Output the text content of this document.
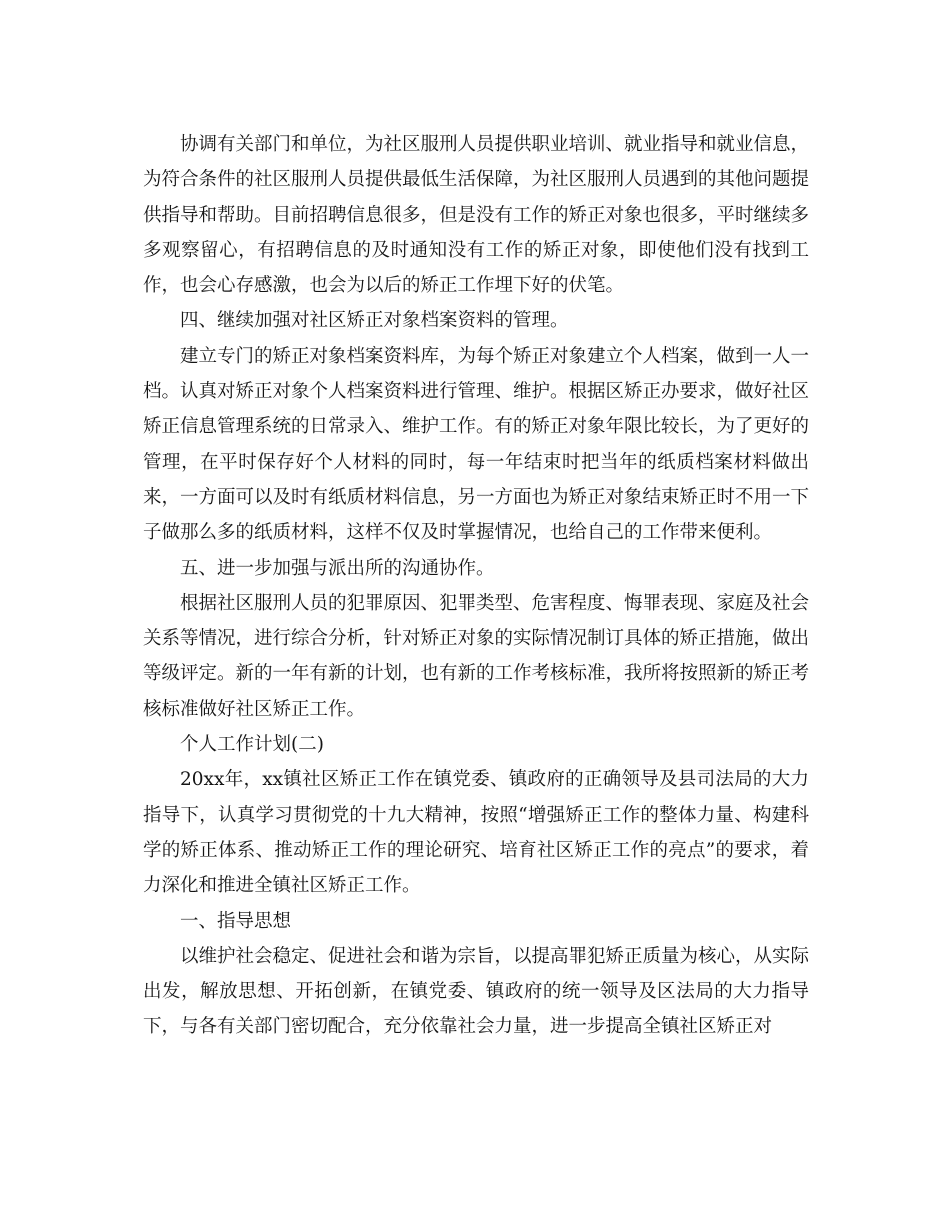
协调有关部门和单位，为社区服刑人员提供职业培训、就业指导和就业信息，为符合条件的社区服刑人员提供最低生活保障，为社区服刑人员遇到的其他问题提供指导和帮助。目前招聘信息很多，但是没有工作的矫正对象也很多，平时继续多多观察留心，有招聘信息的及时通知没有工作的矫正对象，即使他们没有找到工作，也会心存感激，也会为以后的矫正工作埋下好的伏笔。

四、继续加强对社区矫正对象档案资料的管理。

建立专门的矫正对象档案资料库，为每个矫正对象建立个人档案，做到一人一档。认真对矫正对象个人档案资料进行管理、维护。根据区矫正办要求，做好社区矫正信息管理系统的日常录入、维护工作。有的矫正对象年限比较长，为了更好的管理，在平时保存好个人材料的同时，每一年结束时把当年的纸质档案材料做出来，一方面可以及时有纸质材料信息，另一方面也为矫正对象结束矫正时不用一下子做那么多的纸质材料，这样不仅及时掌握情况，也给自己的工作带来便利。

五、进一步加强与派出所的沟通协作。

根据社区服刑人员的犯罪原因、犯罪类型、危害程度、悔罪表现、家庭及社会关系等情况，进行综合分析，针对矫正对象的实际情况制订具体的矫正措施，做出等级评定。新的一年有新的计划，也有新的工作考核标准，我所将按照新的矫正考核标准做好社区矫正工作。

个人工作计划(二)

20xx年，xx镇社区矫正工作在镇党委、镇政府的正确领导及县司法局的大力指导下，认真学习贯彻党的十九大精神，按照“增强矫正工作的整体力量、构建科学的矫正体系、推动矫正工作的理论研究、培育社区矫正工作的亮点”的要求，着力深化和推进全镇社区矫正工作。

一、指导思想

以维护社会稳定、促进社会和谐为宗旨，以提高罪犯矫正质量为核心，从实际出发，解放思想、开拓创新，在镇党委、镇政府的统一领导及区法局的大力指导下，与各有关部门密切配合，充分依靠社会力量，进一步提高全镇社区矫正对
